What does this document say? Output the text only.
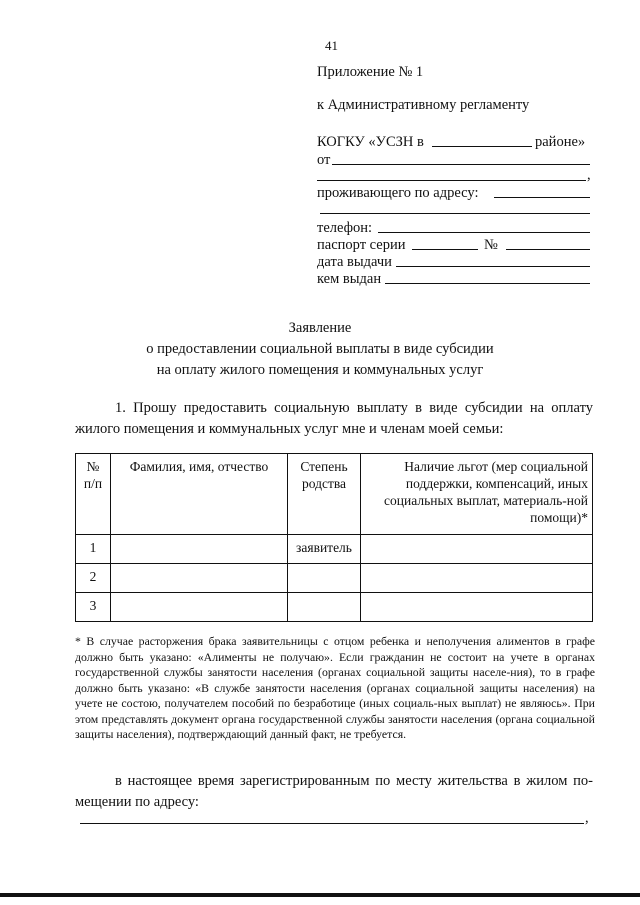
41
Приложение № 1
к Административному регламенту
КОГКУ «УСЗН в	районе»
от
,
проживающего по адресу:
телефон:
паспорт серии	№
дата выдачи
кем выдан
Заявление
о предоставлении социальной выплаты в виде субсидии
на оплату жилого помещения и коммунальных услуг
1. Прошу предоставить социальную выплату в виде субсидии на оплату жилого помещения и коммунальных услуг мне и членам моей семьи:
№ п/п	Фамилия, имя, отчество	Степень родства	Наличие льгот (мер социальной поддержки, компенсаций, иных социальных выплат, материаль-ной помощи)*
1		заявитель	
2			
3			
* В случае расторжения брака заявительницы с отцом ребенка и неполучения алиментов в графе должно быть указано: «Алименты не получаю». Если гражданин не состоит на учете в органах государственной службы занятости населения (органах социальной защиты населе-ния), то в графе должно быть указано: «В службе занятости населения (органах социальной защиты населения) на учете не состою, получателем пособий по безработице (иных социаль-ных выплат) не являюсь». При этом представлять документ органа государственной службы занятости населения (органа социальной защиты населения), подтверждающий данный факт, не требуется.
в настоящее время зарегистрированным по месту жительства в жилом по-мещении по адресу:
,
